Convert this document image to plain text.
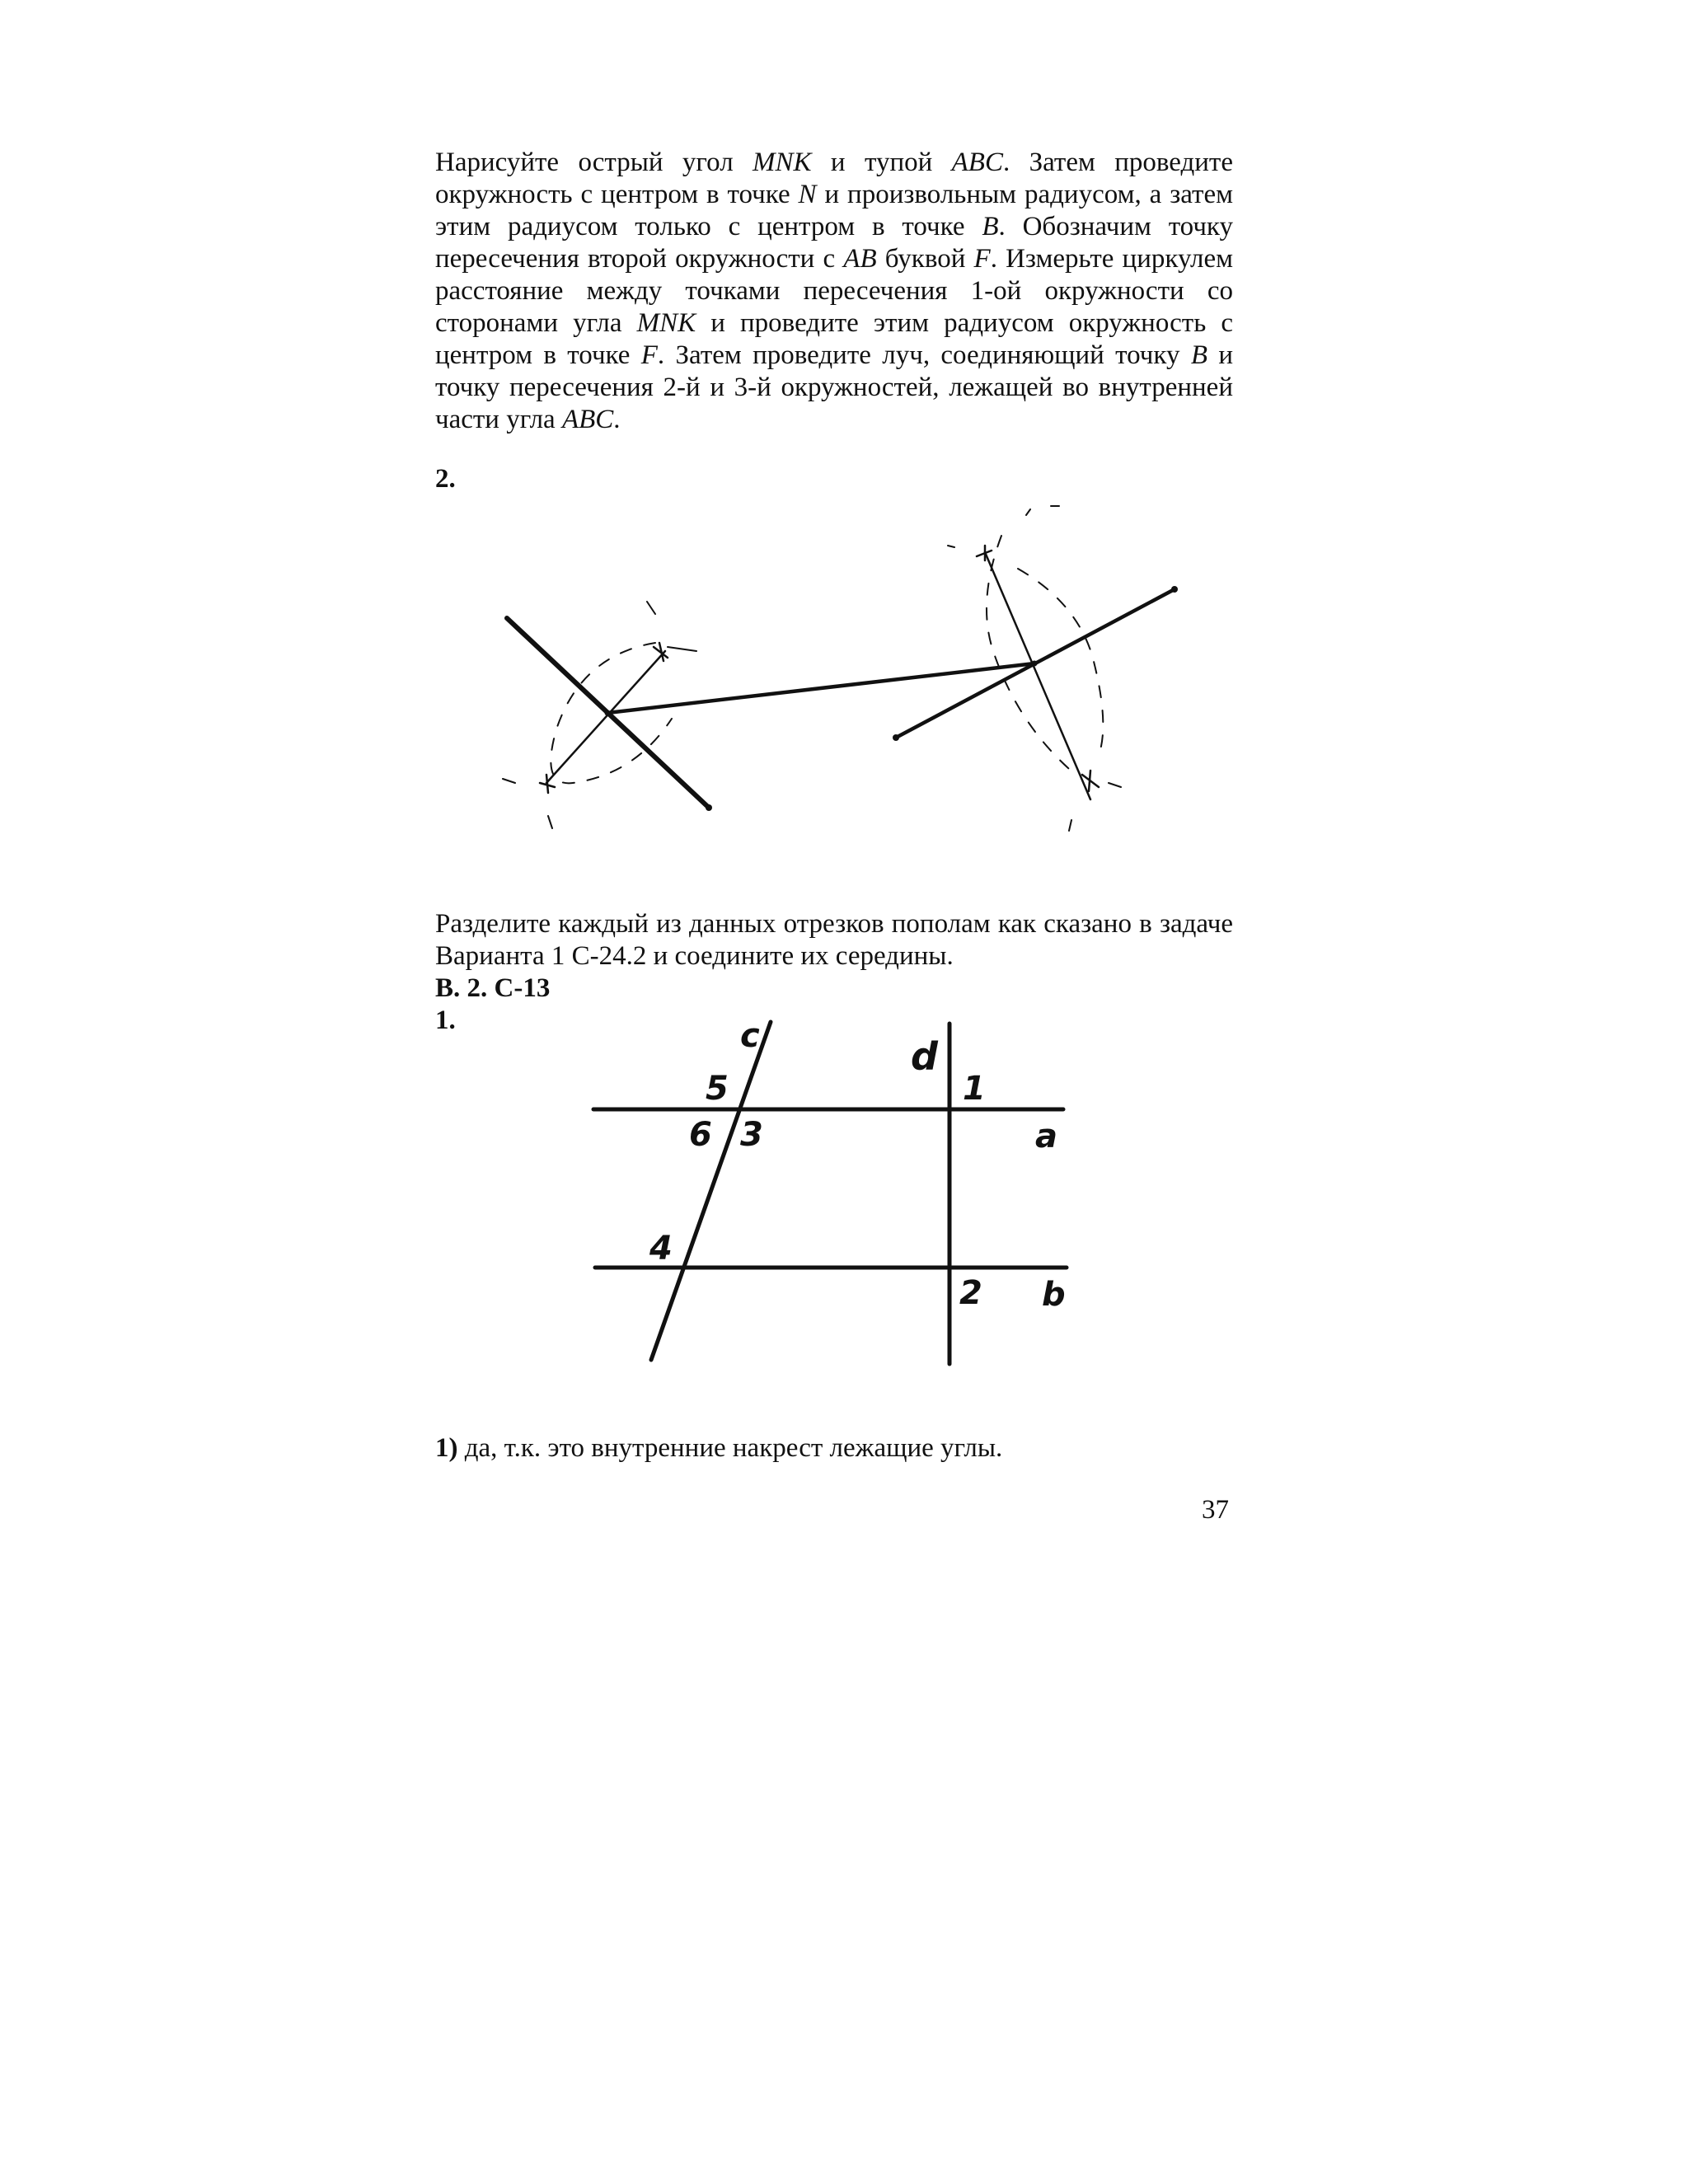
Нарисуйте острый угол MNK и тупой ABC. Затем проведите
окружность с центром в точке N и произвольным радиусом, а затем
этим радиусом только с центром в точке B. Обозначим точку
пересечения второй окружности с AB буквой F. Измерьте циркулем
расстояние между точками пересечения 1-ой окружности со
сторонами угла MNK и проведите этим радиусом окружность с
центром в точке F. Затем проведите луч, соединяющий точку B и
точку пересечения 2-й и 3-й окружностей, лежащей во внутренней
части угла ABC.
2.
Разделите каждый из данных отрезков пополам как сказано в задаче
Варианта 1 С-24.2 и соедините их середины.
В. 2. С-13
1.	c	d
a
b
1
2
3
4
5
6
1) да, т.к. это внутренние накрест лежащие углы.
37
